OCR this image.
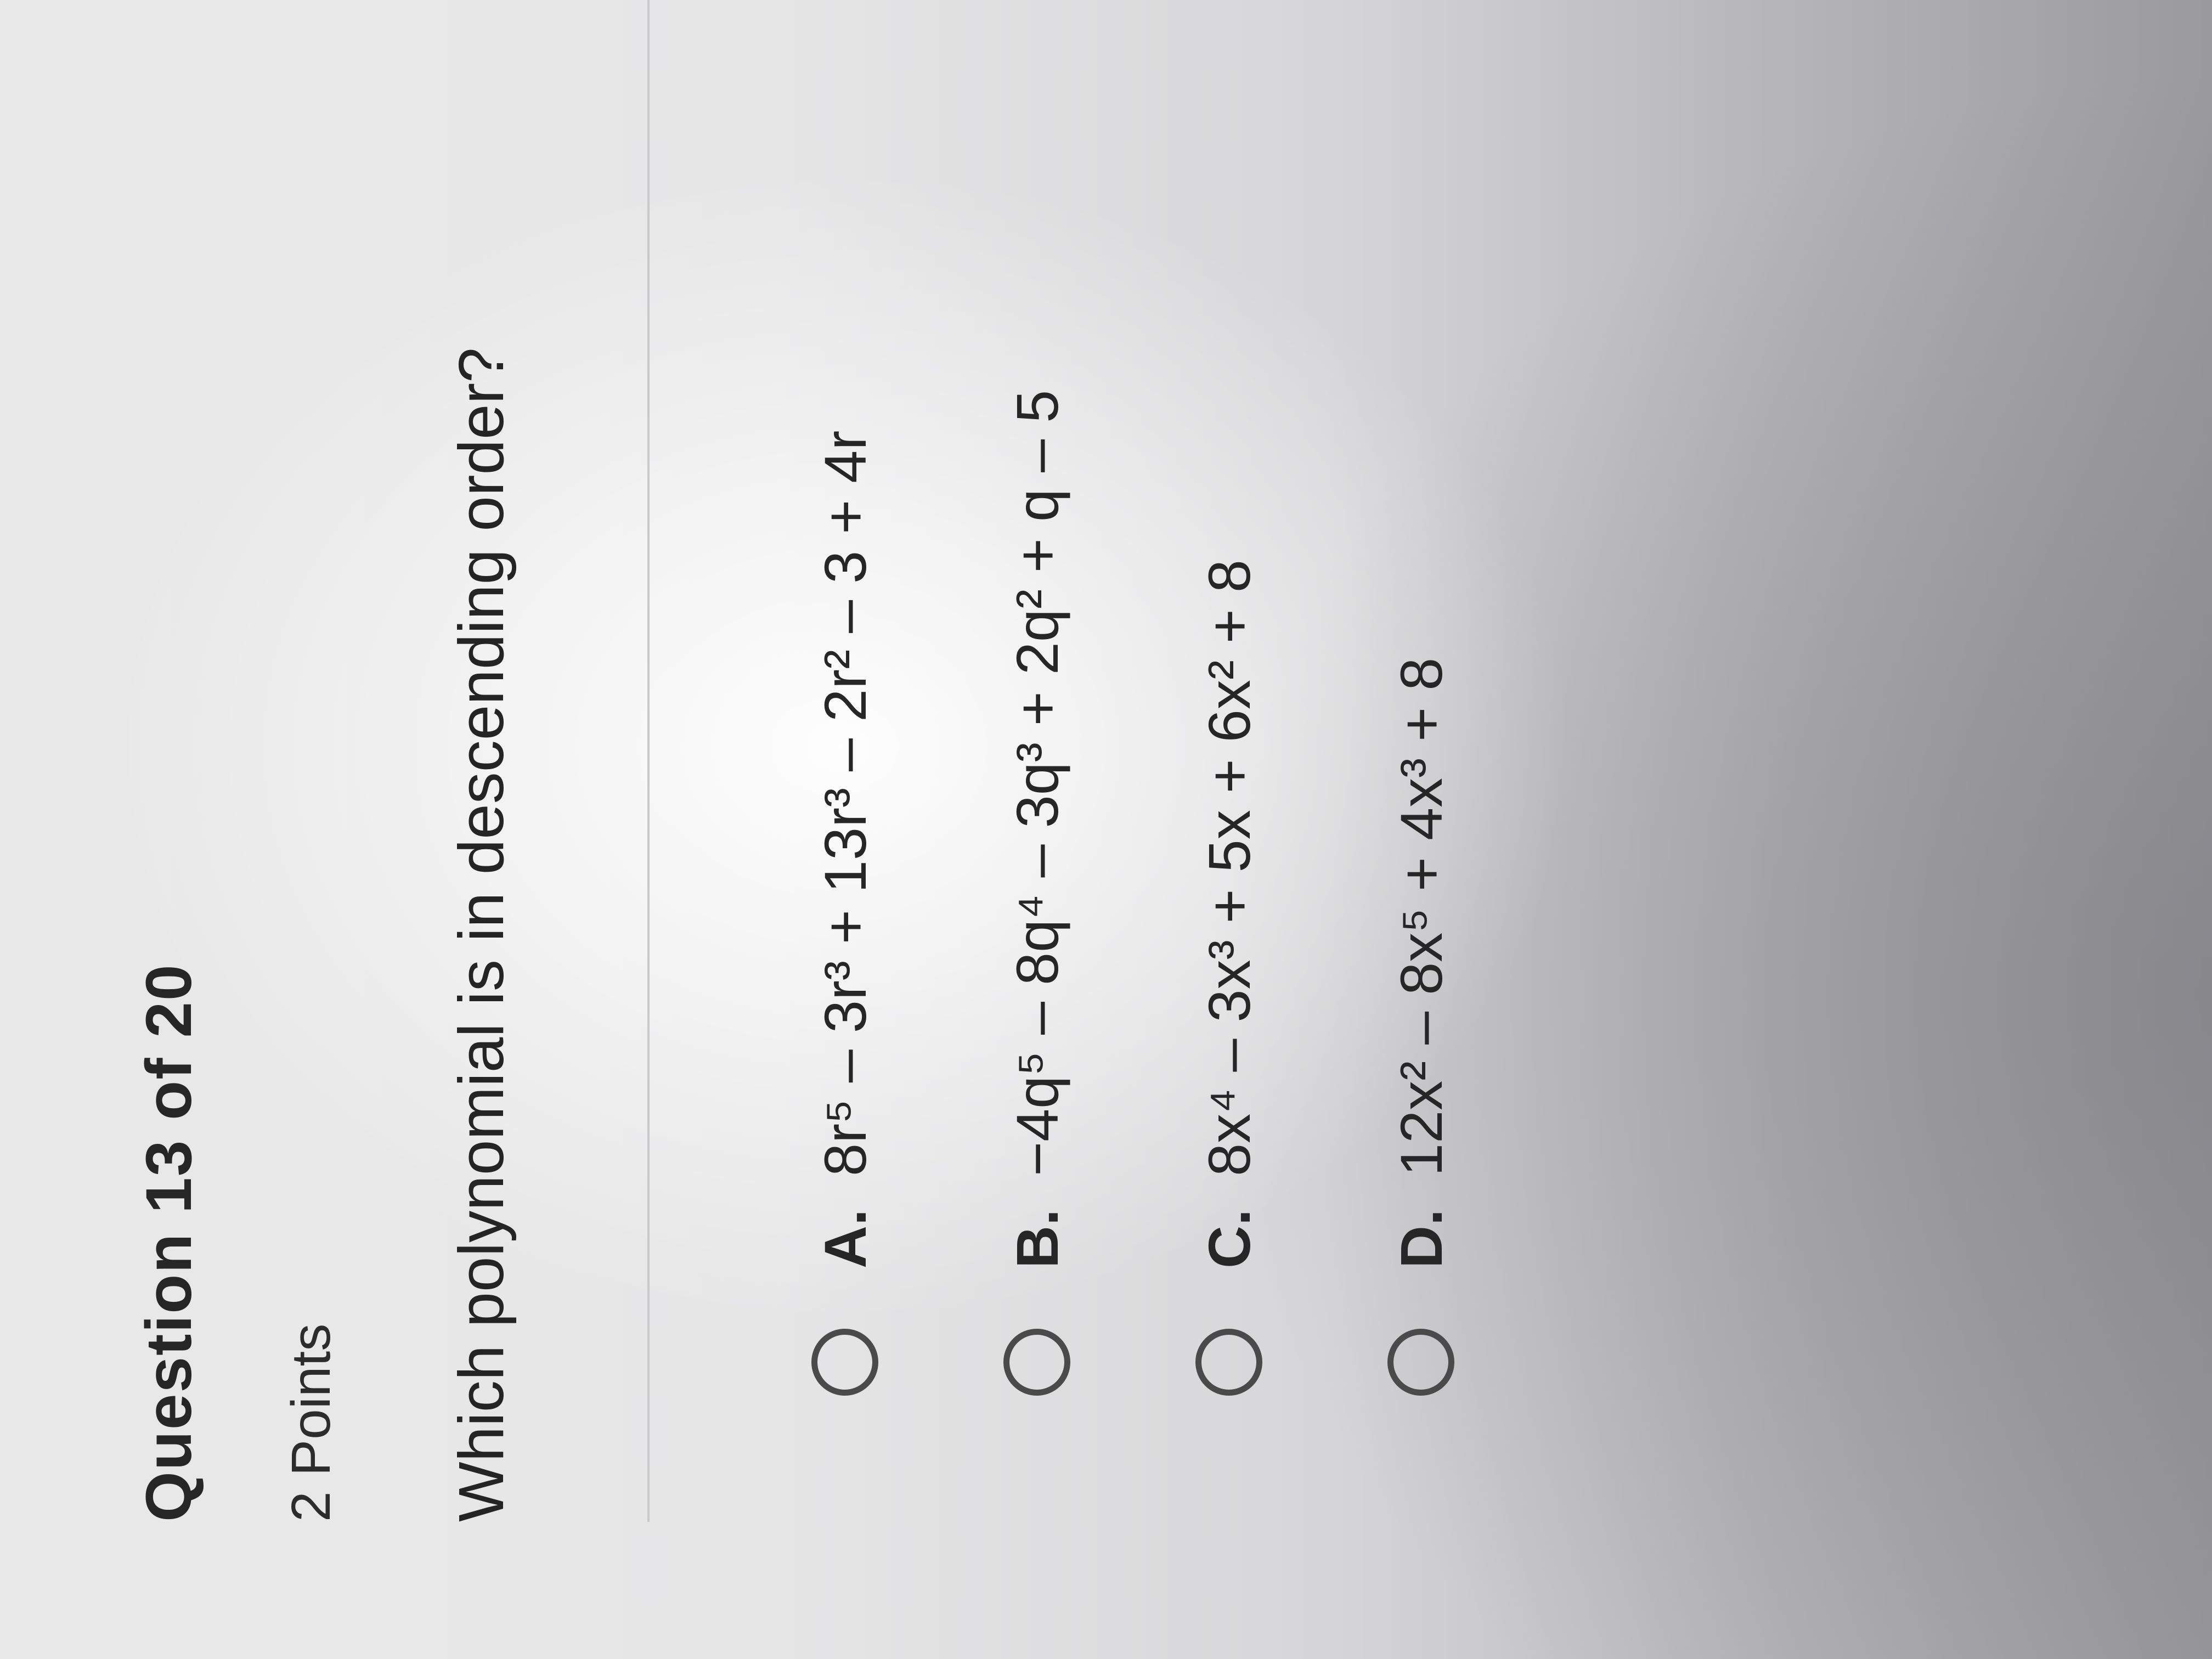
Question 13 of 20 2 Points Which polynomial is in descending order?	A.
8r⁵ – 3r³ + 13r³ – 2r² – 3 + 4r
B.
−4q⁵ – 8q⁴ – 3q³ + 2q² + q – 5
C.
8x⁴ – 3x³ + 5x + 6x² + 8
D.
12x² – 8x⁵ + 4x³ + 8
